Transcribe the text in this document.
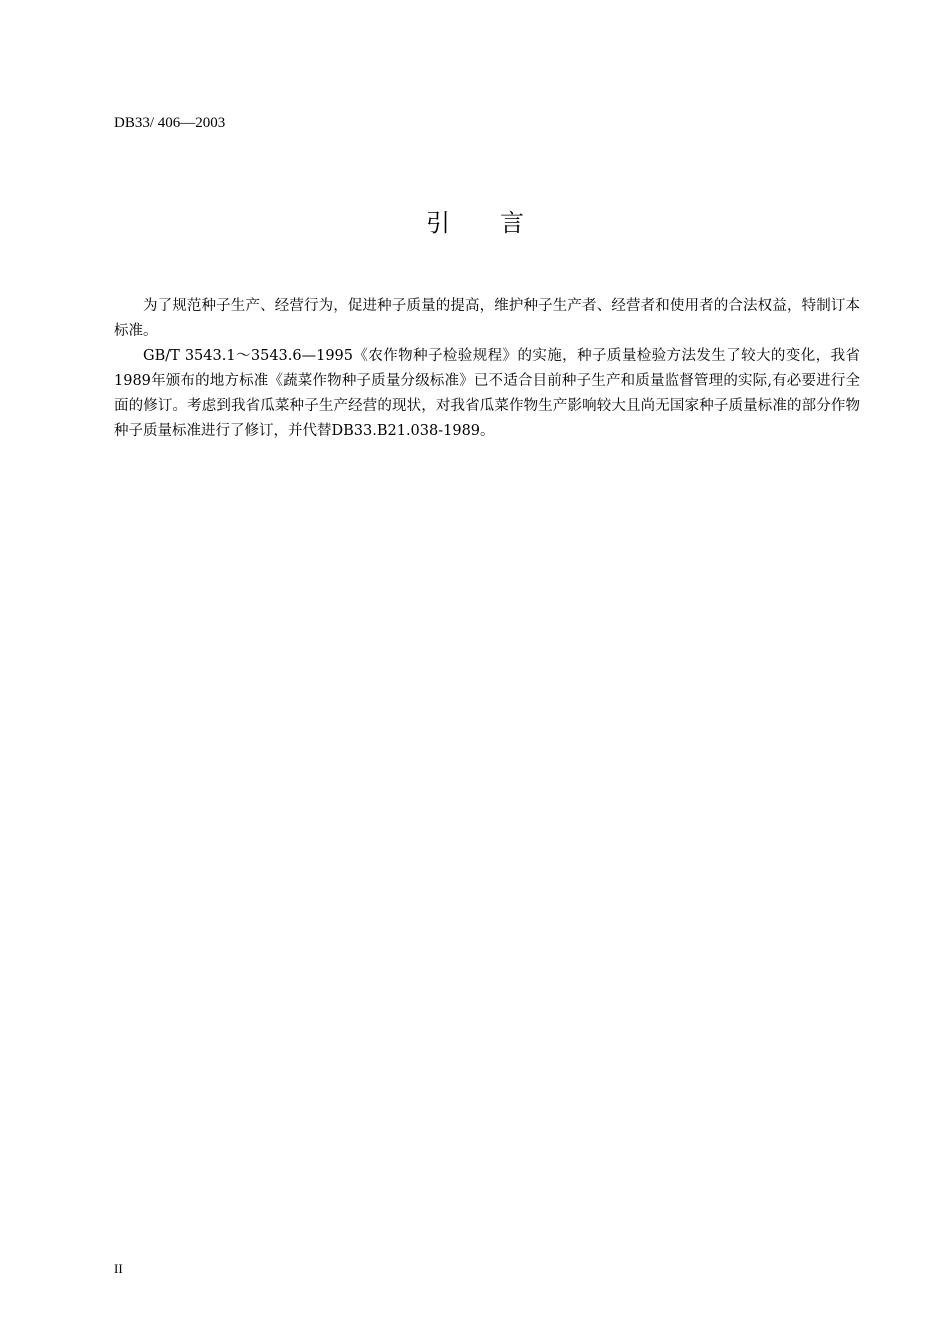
DB33/ 406—2003
引 言

为了规范种子生产、经营行为，促进种子质量的提高，维护种子生产者、经营者和使用者的合法权益，特制订本标准。

GB/T 3543.1～3543.6—1995《农作物种子检验规程》的实施，种子质量检验方法发生了较大的变化，我省1989年颁布的地方标准《蔬菜作物种子质量分级标准》已不适合目前种子生产和质量监督管理的实际,有必要进行全面的修订。考虑到我省瓜菜种子生产经营的现状，对我省瓜菜作物生产影响较大且尚无国家种子质量标准的部分作物种子质量标准进行了修订，并代替DB33.B21.038-1989。

II
